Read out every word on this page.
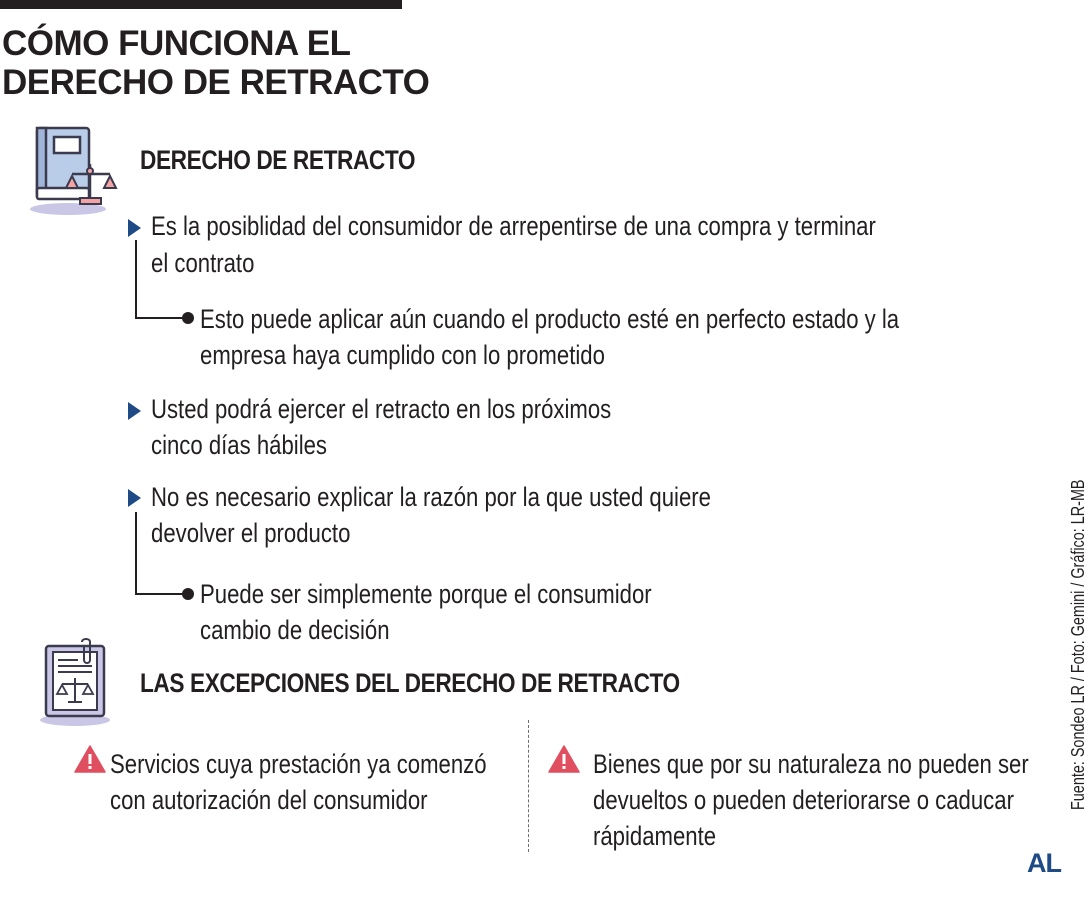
CÓMO FUNCIONA EL
DERECHO DE RETRACTO
DERECHO DE RETRACTO

Es la posiblidad del consumidor de arrepentirse de una compra y terminar

el contrato

Esto puede aplicar aún cuando el producto esté en perfecto estado y la

empresa haya cumplido con lo prometido

Usted podrá ejercer el retracto en los próximos

cinco días hábiles

No es necesario explicar la razón por la que usted quiere

devolver el producto

Puede ser simplemente porque el consumidor

cambio de decisión

LAS EXCEPCIONES DEL DERECHO DE RETRACTO

Servicios cuya prestación ya comenzó

con autorización del consumidor

Bienes que por su naturaleza no pueden ser

devueltos o pueden deteriorarse o caducar

rápidamente

Fuente: Sondeo LR / Foto: Gemini / Gráfico: LR-MB

AL
